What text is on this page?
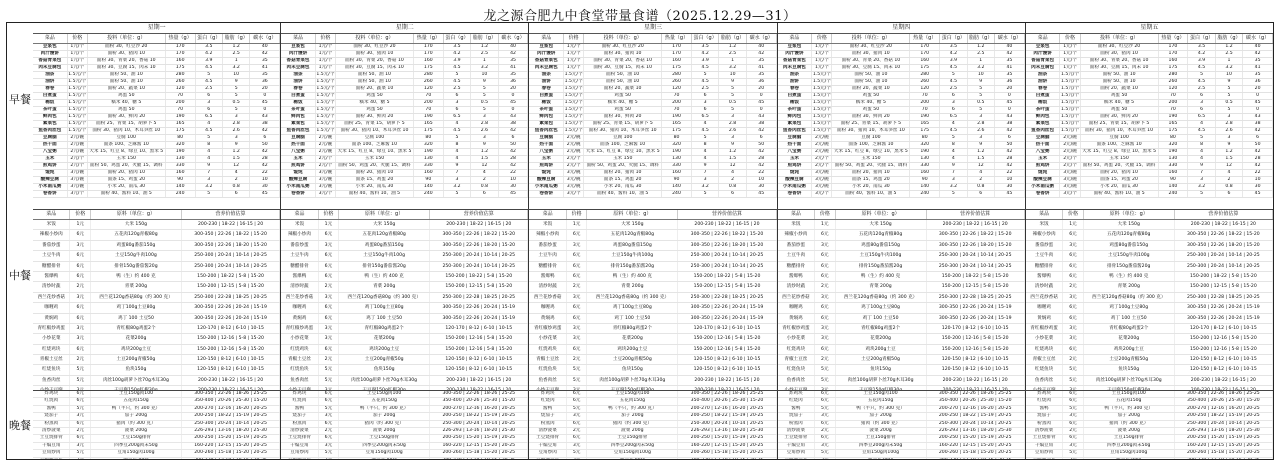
龙之源合肥九中食堂带量食谱（2025.12.29—31）
早餐
中餐
晚餐
星期一
菜品	价格	投料（单位：g）	热量（g）	蛋白（g） 脂肪（g）	碳水（g）
豆浆包	1元/个	面粉 30、红豆沙 20	170	3.5	1.2	40
肉汁馒饼	1元/个	面粉 30、猪肉 10	170	4.2	2.5	42
香菇青菜包	1元/个	面粉 30、青菜 20、香菇 10	160	3.9	1	35
肉末豆腐包	1元/个	面粉 30、豆腐 15、肉末 10	175	4.5	3.2	41
油条	1.5元/个	面粉 50、油 10	280	5	10	35
油饼	1.5元/个	面粉 50、油 10	260	4.5	9	36
春卷	1.5元/个	面粉 20、蔬菜 10	120	2.5	5	20
白煮蛋	1.5元/个	鸡蛋 50	70	6	5	0
稀饭	1.5元/个	糯米 40、糖 5	200	3	0.5	45
茶叶蛋	1.5元/个	鸡蛋 50	70	6	5	0
鲜肉包	1.5元/个	面粉 30、鲜肉 20	190	6.5	3	43
素菜包	1.5元/个	面粉 25、青菜 15、胡萝卜 5	165	4	2.8	38
鱼香肉丝包	1.5元/个	面粉 30、猪肉 10、木耳笋丝 10	175	4.5	2.6	42
豆腐脑	2元/碗	豆腐 100	80	5	3	6
热干面	2元/碗	面条 100、芝麻酱 10	320	8	9	50
八宝粥	2元/碗	大米 15、红豆 8、绿豆 10、黑米 5	190	4	1.2	42
玉米	2元/个	玉米 150	130	4	1.5	28
煎鸡饼	2元/个	面粉 50、鸡蛋 20、火腿 15、调料	330	9	12	42
馄饨	3元/碗	面粉 20、猪肉 10	160	7	4	22
酸辣豆腐	3元/碗	面条 15、鸡蛋 20	90	3	2	10
小米南瓜粥	3元/碗	小米 20、南瓜 30	140	3.2	0.8	30
卷香饼	3元/个	面粉 40、酱料 10、油 5	240	5	6	45
星期二
菜品	价格	投料（单位：g）	热量（g）	蛋白（g） 脂肪（g）	碳水（g）
豆浆包	1元/个	面粉 30、红豆沙 20	170	3.5	1.2	40
肉汁馒饼	1元/个	面粉 30、猪肉 10	170	4.2	2.5	42
香菇青菜包	1元/个	面粉 30、青菜 20、香菇 10	160	3.9	1	35
肉末豆腐包	1元/个	面粉 30、豆腐 15、肉末 10	175	4.5	3.2	41
油条	1.5元/个	面粉 50、油 10	280	5	10	35
油饼	1.5元/个	面粉 50、油 10	260	4.5	9	36
春卷	1.5元/个	面粉 20、蔬菜 10	120	2.5	5	20
白煮蛋	1.5元/个	鸡蛋 50	70	6	5	0
稀饭	1.5元/个	糯米 40、糖 5	200	3	0.5	45
茶叶蛋	1.5元/个	鸡蛋 50	70	6	5	0
鲜肉包	1.5元/个	面粉 30、鲜肉 20	190	6.5	3	43
素菜包	1.5元/个	面粉 25、青菜 15、胡萝卜 5	165	4	2.8	38
鱼香肉丝包	1.5元/个	面粉 30、猪肉 10、木耳笋丝 10	175	4.5	2.6	42
豆腐脑	2元/碗	豆腐 100	80	5	3	6
热干面	2元/碗	面条 100、芝麻酱 10	320	8	9	50
八宝粥	2元/碗	大米 15、红豆 8、绿豆 10、黑米 5	190	4	1.2	42
玉米	2元/个	玉米 150	130	4	1.5	28
煎鸡饼	2元/个	面粉 50、鸡蛋 20、火腿 15、调料	330	9	12	42
馄饨	3元/碗	面粉 20、猪肉 10	160	7	4	22
酸辣豆腐	3元/碗	面条 15、鸡蛋 20	90	3	2	10
小米南瓜粥	3元/碗	小米 20、南瓜 30	140	3.2	0.8	30
卷香饼	3元/个	面粉 40、酱料 10、油 5	240	5	6	45
星期三
菜品	价格	投料（单位：g）	热量（g）	蛋白（g） 脂肪（g）	碳水（g）
豆浆包	1元/个	面粉 30、红豆沙 20	170	3.5	1.2	40
肉汁馒饼	1元/个	面粉 30、猪肉 10	170	4.2	2.5	42
香菇青菜包	1元/个	面粉 30、青菜 20、香菇 10	160	3.9	1	35
肉末豆腐包	1元/个	面粉 30、豆腐 15、肉末 10	175	4.5	3.2	41
油条	1.5元/个	面粉 50、油 10	280	5	10	35
油饼	1.5元/个	面粉 50、油 10	260	4.5	9	36
春卷	1.5元/个	面粉 20、蔬菜 10	120	2.5	5	20
白煮蛋	1.5元/个	鸡蛋 50	70	6	5	0
稀饭	1.5元/个	糯米 40、糖 5	200	3	0.5	45
茶叶蛋	1.5元/个	鸡蛋 50	70	6	5	0
鲜肉包	1.5元/个	面粉 30、鲜肉 20	190	6.5	3	43
素菜包	1.5元/个	面粉 25、青菜 15、胡萝卜 5	165	4	2.8	38
鱼香肉丝包	1.5元/个	面粉 30、猪肉 10、木耳笋丝 10	175	4.5	2.6	42
豆腐脑	2元/碗	豆腐 100	80	5	3	6
热干面	2元/碗	面条 100、芝麻酱 10	320	8	9	50
八宝粥	2元/碗	大米 15、红豆 8、绿豆 10、黑米 5	190	4	1.2	42
玉米	2元/个	玉米 150	130	4	1.5	28
煎鸡饼	2元/个	面粉 50、鸡蛋 20、火腿 15、调料	330	9	12	42
馄饨	3元/碗	面粉 20、猪肉 10	160	7	4	22
酸辣豆腐	3元/碗	面条 15、鸡蛋 20	90	3	2	10
小米南瓜粥	3元/碗	小米 20、南瓜 30	140	3.2	0.8	30
卷香饼	3元/个	面粉 40、酱料 10、油 5	240	5	6	45
星期四
菜品	价格	投料（单位：g）	热量（g）	蛋白（g） 脂肪（g）	碳水（g）
豆浆包	1元/个	面粉 30、红豆沙 20	170	3.5	1.2	40
肉汁馒饼	1元/个	面粉 30、猪肉 10	170	4.2	2.5	42
香菇青菜包	1元/个	面粉 30、青菜 20、香菇 10	160	3.9	1	35
肉末豆腐包	1元/个	面粉 30、豆腐 15、肉末 10	175	4.5	3.2	41
油条	1.5元/个	面粉 50、油 10	280	5	10	35
油饼	1.5元/个	面粉 50、油 10	260	4.5	9	36
春卷	1.5元/个	面粉 20、蔬菜 10	120	2.5	5	20
白煮蛋	1.5元/个	鸡蛋 50	70	6	5	0
稀饭	1.5元/个	糯米 40、糖 5	200	3	0.5	45
茶叶蛋	1.5元/个	鸡蛋 50	70	6	5	0
鲜肉包	1.5元/个	面粉 30、鲜肉 20	190	6.5	3	43
素菜包	1.5元/个	面粉 25、青菜 15、胡萝卜 5	165	4	2.8	38
鱼香肉丝包	1.5元/个	面粉 30、猪肉 10、木耳笋丝 10	175	4.5	2.6	42
豆腐脑	2元/碗	豆腐 100	80	5	3	6
热干面	2元/碗	面条 100、芝麻酱 10	320	8	9	50
八宝粥	2元/碗	大米 15、红豆 8、绿豆 10、黑米 5	190	4	1.2	42
玉米	2元/个	玉米 150	130	4	1.5	28
煎鸡饼	2元/个	面粉 50、鸡蛋 20、火腿 15、调料	330	9	12	42
馄饨	3元/碗	面粉 20、猪肉 10	160	7	4	22
酸辣豆腐	3元/碗	面条 15、鸡蛋 20	90	3	2	10
小米南瓜粥	3元/碗	小米 20、南瓜 30	140	3.2	0.8	30
卷香饼	3元/个	面粉 40、酱料 10、油 5	240	5	6	45
星期五
菜品	价格	投料（单位：g）	热量（g）	蛋白（g） 脂肪（g）	碳水（g）
豆浆包	1元/个	面粉 30、红豆沙 20	170	3.5	1.2	40
肉汁馒饼	1元/个	面粉 30、猪肉 10	170	4.2	2.5	42
香菇青菜包	1元/个	面粉 30、青菜 20、香菇 10	160	3.9	1	35
肉末豆腐包	1元/个	面粉 30、豆腐 15、肉末 10	175	4.5	3.2	41
油条	1.5元/个	面粉 50、油 10	280	5	10	35
油饼	1.5元/个	面粉 50、油 10	260	4.5	9	36
春卷	1.5元/个	面粉 20、蔬菜 10	120	2.5	5	20
白煮蛋	1.5元/个	鸡蛋 50	70	6	5	0
稀饭	1.5元/个	糯米 40、糖 5	200	3	0.5	45
茶叶蛋	1.5元/个	鸡蛋 50	70	6	5	0
鲜肉包	1.5元/个	面粉 30、鲜肉 20	190	6.5	3	43
素菜包	1.5元/个	面粉 25、青菜 15、胡萝卜 5	165	4	2.8	38
鱼香肉丝包	1.5元/个	面粉 30、猪肉 10、木耳笋丝 10	175	4.5	2.6	42
豆腐脑	2元/碗	豆腐 100	80	5	3	6
热干面	2元/碗	面条 100、芝麻酱 10	320	8	9	50
八宝粥	2元/碗	大米 15、红豆 8、绿豆 10、黑米 5	190	4	1.2	42
玉米	2元/个	玉米 150	130	4	1.5	28
煎鸡饼	2元/个	面粉 50、鸡蛋 20、火腿 15、调料	330	9	12	42
馄饨	3元/碗	面粉 20、猪肉 10	160	7	4	22
酸辣豆腐	3元/碗	面条 15、鸡蛋 20	90	3	2	10
小米南瓜粥	3元/碗	小米 20、南瓜 30	140	3.2	0.8	30
卷香饼	3元/个	面粉 40、酱料 10、油 5	240	5	6	45
菜品	价格	原料（单位：g）	营养价值估算
米饭	1元	大米 150g	200-230 | 18-22 | 16-15 | 20
辣椒小炒肉	6元	五花肉120g青椒80g	300-350 | 22-26 | 18-22 | 15-20
番茄炒蛋	3元	鸡蛋80g番茄150g	300-350 | 22-26 | 18-20 | 15-20
土豆牛肉	6元	土豆150g牛肉100g	250-300 | 20-24 | 10-14 | 20-25
糖醋排骨	6元	排骨150g番茄酱20g	250-300 | 20-24 | 10-14 | 20-25
酱爆鸭	6元	鸭（生）约 400 克	150-200 | 18-22 | 5-8 | 15-20
清炒时蔬	2元	青菜 200g	150-200 | 12-15 | 5-8 | 15-20
西兰花炒香菇	3元	西兰花120g香菇80g（约 300 克）	250-300 | 22-28 | 18-25 | 20-25
咖喱鸡	6元	鸡丁100g土豆80g	300-350 | 22-26 | 20-24 | 15-19
黄焖鸡	6元	鸡丁 100 土豆50	300-350 | 22-26 | 20-24 | 15-19
青红椒炒鸡蛋	3元	青红椒80g鸡蛋2个	120-170 | 8-12 | 6-10 | 10-15
小炒花菜	3元	花菜200g	150-200 | 12-16 | 5-8 | 15-20
红烧鸡块	6元	鸡块200g土豆	150-200 | 12-16 | 5-8 | 15-20
青椒土豆丝	2元	土豆200g青椒50g	120-150 | 8-12 | 6-10 | 10-15
红烧鱼块	5元	鱼块150g	120-150 | 8-12 | 6-10 | 10-15
鱼香肉丝	5元	肉丝100g胡萝卜丝70g木耳30g	200-230 | 18-22 | 16-15 | 20
菜品	价格	原料（单位：g）	营养价值估算
米饭	1元	大米 150g	200-230 | 18-22 | 16-15 | 20
辣椒小炒肉	6元	五花肉120g青椒80g	300-350 | 22-26 | 18-22 | 15-20
番茄炒蛋	3元	鸡蛋80g番茄150g	300-350 | 22-26 | 18-20 | 15-20
土豆牛肉	6元	土豆150g牛肉100g	250-300 | 20-24 | 10-14 | 20-25
糖醋排骨	6元	排骨150g番茄酱20g	250-300 | 20-24 | 10-14 | 20-25
酱爆鸭	6元	鸭（生）约 400 克	150-200 | 18-22 | 5-8 | 15-20
清炒时蔬	2元	青菜 200g	150-200 | 12-15 | 5-8 | 15-20
西兰花炒香菇	3元	西兰花120g香菇80g（约 300 克）	250-300 | 22-28 | 18-25 | 20-25
咖喱鸡	6元	鸡丁100g土豆80g	300-350 | 22-26 | 20-24 | 15-19
黄焖鸡	6元	鸡丁 100 土豆50	300-350 | 22-26 | 20-24 | 15-19
青红椒炒鸡蛋	3元	青红椒80g鸡蛋2个	120-170 | 8-12 | 6-10 | 10-15
小炒花菜	3元	花菜200g	150-200 | 12-16 | 5-8 | 15-20
红烧鸡块	6元	鸡块200g土豆	150-200 | 12-16 | 5-8 | 15-20
青椒土豆丝	2元	土豆200g青椒50g	120-150 | 8-12 | 6-10 | 10-15
红烧鱼块	5元	鱼块150g	120-150 | 8-12 | 6-10 | 10-15
鱼香肉丝	5元	肉丝100g胡萝卜丝70g木耳30g	200-230 | 18-22 | 16-15 | 20
菜品	价格	原料（单位：g）	营养价值估算
米饭	1元	大米 150g	200-230 | 18-22 | 16-15 | 20
辣椒小炒肉	6元	五花肉120g青椒80g	300-350 | 22-26 | 18-22 | 15-20
番茄炒蛋	3元	鸡蛋80g番茄150g	300-350 | 22-26 | 18-20 | 15-20
土豆牛肉	6元	土豆150g牛肉100g	250-300 | 20-24 | 10-14 | 20-25
糖醋排骨	6元	排骨150g番茄酱20g	250-300 | 20-24 | 10-14 | 20-25
酱爆鸭	6元	鸭（生）约 400 克	150-200 | 18-22 | 5-8 | 15-20
清炒时蔬	2元	青菜 200g	150-200 | 12-15 | 5-8 | 15-20
西兰花炒香菇	3元	西兰花120g香菇80g（约 300 克）	250-300 | 22-28 | 18-25 | 20-25
咖喱鸡	6元	鸡丁100g土豆80g	300-350 | 22-26 | 20-24 | 15-19
黄焖鸡	6元	鸡丁 100 土豆50	300-350 | 22-26 | 20-24 | 15-19
青红椒炒鸡蛋	3元	青红椒80g鸡蛋2个	120-170 | 8-12 | 6-10 | 10-15
小炒花菜	3元	花菜200g	150-200 | 12-16 | 5-8 | 15-20
红烧鸡块	6元	鸡块200g土豆	150-200 | 12-16 | 5-8 | 15-20
青椒土豆丝	2元	土豆200g青椒50g	120-150 | 8-12 | 6-10 | 10-15
红烧鱼块	5元	鱼块150g	120-150 | 8-12 | 6-10 | 10-15
鱼香肉丝	5元	肉丝100g胡萝卜丝70g木耳30g	200-230 | 18-22 | 16-15 | 20
菜品	价格	原料（单位：g）	营养价值估算
米饭	1元	大米 150g	200-230 | 18-22 | 16-15 | 20
辣椒小炒肉	6元	五花肉120g青椒80g	300-350 | 22-26 | 18-22 | 15-20
番茄炒蛋	3元	鸡蛋80g番茄150g	300-350 | 22-26 | 18-20 | 15-20
土豆牛肉	6元	土豆150g牛肉100g	250-300 | 20-24 | 10-14 | 20-25
糖醋排骨	6元	排骨150g番茄酱20g	250-300 | 20-24 | 10-14 | 20-25
酱爆鸭	6元	鸭（生）约 400 克	150-200 | 18-22 | 5-8 | 15-20
清炒时蔬	2元	青菜 200g	150-200 | 12-15 | 5-8 | 15-20
西兰花炒香菇	3元	西兰花120g香菇80g（约 300 克）	250-300 | 22-28 | 18-25 | 20-25
咖喱鸡	6元	鸡丁100g土豆80g	300-350 | 22-26 | 20-24 | 15-19
黄焖鸡	6元	鸡丁 100 土豆50	300-350 | 22-26 | 20-24 | 15-19
青红椒炒鸡蛋	3元	青红椒80g鸡蛋2个	120-170 | 8-12 | 6-10 | 10-15
小炒花菜	3元	花菜200g	150-200 | 12-16 | 5-8 | 15-20
红烧鸡块	6元	鸡块200g土豆	150-200 | 12-16 | 5-8 | 15-20
青椒土豆丝	2元	土豆200g青椒50g	120-150 | 8-12 | 6-10 | 10-15
红烧鱼块	5元	鱼块150g	120-150 | 8-12 | 6-10 | 10-15
鱼香肉丝	5元	肉丝100g胡萝卜丝70g木耳30g	200-230 | 18-22 | 16-15 | 20
菜品	价格	原料（单位：g）	营养价值估算
米饭	1元	大米 150g	200-230 | 18-22 | 16-15 | 20
辣椒小炒肉	6元	五花肉120g青椒80g	300-350 | 22-26 | 18-22 | 15-20
番茄炒蛋	3元	鸡蛋80g番茄150g	300-350 | 22-26 | 18-20 | 15-20
土豆牛肉	6元	土豆150g牛肉100g	250-300 | 20-24 | 10-14 | 20-25
糖醋排骨	6元	排骨150g番茄酱20g	250-300 | 20-24 | 10-14 | 20-25
酱爆鸭	6元	鸭（生）约 400 克	150-200 | 18-22 | 5-8 | 15-20
清炒时蔬	2元	青菜 200g	150-200 | 12-15 | 5-8 | 15-20
西兰花炒香菇	3元	西兰花120g香菇80g（约 300 克）	250-300 | 22-28 | 18-25 | 20-25
咖喱鸡	6元	鸡丁100g土豆80g	300-350 | 22-26 | 20-24 | 15-19
黄焖鸡	6元	鸡丁 100 土豆50	300-350 | 22-26 | 20-24 | 15-19
青红椒炒鸡蛋	3元	青红椒80g鸡蛋2个	120-170 | 8-12 | 6-10 | 10-15
小炒花菜	3元	花菜200g	150-200 | 12-16 | 5-8 | 15-20
红烧鸡块	6元	鸡块200g土豆	150-200 | 12-16 | 5-8 | 15-20
青椒土豆丝	2元	土豆200g青椒50g	120-150 | 8-12 | 6-10 | 10-15
红烧鱼块	5元	鱼块150g	120-150 | 8-12 | 6-10 | 10-15
鱼香肉丝	5元	肉丝100g胡萝卜丝70g木耳30g	200-230 | 18-22 | 16-15 | 20
炸鸡块	6元	土豆150g肉100	300-350 | 22-26 | 18-26 | 25-25
红烧肉	6元	五花肉150g	350-400 | 20-26 | 25-30 | 15-20
酱鸭	5元	鸭（半只，约 300 克）	200-270 | 12-16 | 16-20 | 20-25
烧茄子	3元	茄子 200g	200-250 | 18-22 | 15-19 | 20-25
粉蒸肉	6元	猪肉（约 300 克）	250-300 | 20-24 | 10-14 | 20-25
清炒菠菜	2元	菠菜 200g	226-293 | 13-16 | 18-20 | 25-30
土豆烧排骨	6元	土豆150g排骨	200-250 | 15-20 | 15-19 | 20-25
干煸豆角	3元	四季豆200g肉末50g	160-220 | 12-15 | 15-20 | 20-25
豆角炒肉	5元	豆角150g肉100g	200-260 | 15-18 | 15-20 | 20-25
炸鸡块	6元	土豆150g肉100	300-350 | 22-26 | 18-26 | 25-25
红烧肉	6元	五花肉150g	350-400 | 20-26 | 25-30 | 15-20
酱鸭	5元	鸭（半只，约 300 克）	200-270 | 12-16 | 16-20 | 20-25
烧茄子	3元	茄子 200g	200-250 | 18-22 | 15-19 | 20-25
粉蒸肉	6元	猪肉（约 300 克）	250-300 | 20-24 | 10-14 | 20-25
清炒菠菜	2元	菠菜 200g	226-293 | 13-16 | 18-20 | 25-30
土豆烧排骨	6元	土豆150g排骨	200-250 | 15-20 | 15-19 | 20-25
干煸豆角	3元	四季豆200g肉末50g	160-220 | 12-15 | 15-20 | 20-25
豆角炒肉	5元	豆角150g肉100g	200-260 | 15-18 | 15-20 | 20-25
炸鸡块	6元	土豆150g肉100	300-350 | 22-26 | 18-26 | 25-25
红烧肉	6元	五花肉150g	350-400 | 20-26 | 25-30 | 15-20
酱鸭	5元	鸭（半只，约 300 克）	200-270 | 12-16 | 16-20 | 20-25
烧茄子	3元	茄子 200g	200-250 | 18-22 | 15-19 | 20-25
粉蒸肉	6元	猪肉（约 300 克）	250-300 | 20-24 | 10-14 | 20-25
清炒菠菜	2元	菠菜 200g	226-293 | 13-16 | 18-20 | 25-30
土豆烧排骨	6元	土豆150g排骨	200-250 | 15-20 | 15-19 | 20-25
干煸豆角	3元	四季豆200g肉末50g	160-220 | 12-15 | 15-20 | 20-25
豆角炒肉	5元	豆角150g肉100g	200-260 | 15-18 | 15-20 | 20-25
炸鸡块	6元	土豆150g肉100	300-350 | 22-26 | 18-26 | 25-25
红烧肉	6元	五花肉150g	350-400 | 20-26 | 25-30 | 15-20
酱鸭	5元	鸭（半只，约 300 克）	200-270 | 12-16 | 16-20 | 20-25
烧茄子	3元	茄子 200g	200-250 | 18-22 | 15-19 | 20-25
粉蒸肉	6元	猪肉（约 300 克）	250-300 | 20-24 | 10-14 | 20-25
清炒菠菜	2元	菠菜 200g	226-293 | 13-16 | 18-20 | 25-30
土豆烧排骨	6元	土豆150g排骨	200-250 | 15-20 | 15-19 | 20-25
干煸豆角	3元	四季豆200g肉末50g	160-220 | 12-15 | 15-20 | 20-25
豆角炒肉	5元	豆角150g肉100g	200-260 | 15-18 | 15-20 | 20-25
炸鸡块	6元	土豆150g肉100	300-350 | 22-26 | 18-26 | 25-25
红烧肉	6元	五花肉150g	350-400 | 20-26 | 25-30 | 15-20
酱鸭	5元	鸭（半只，约 300 克）	200-270 | 12-16 | 16-20 | 20-25
烧茄子	3元	茄子 200g	200-250 | 18-22 | 15-19 | 20-25
粉蒸肉	6元	猪肉（约 300 克）	250-300 | 20-24 | 10-14 | 20-25
清炒菠菜	2元	菠菜 200g	226-293 | 13-16 | 18-20 | 25-30
土豆烧排骨	6元	土豆150g排骨	200-250 | 15-20 | 15-19 | 20-25
干煸豆角	3元	四季豆200g肉末50g	160-220 | 12-15 | 15-20 | 20-25
豆角炒肉	5元	豆角150g肉100g	200-260 | 15-18 | 15-20 | 20-25
